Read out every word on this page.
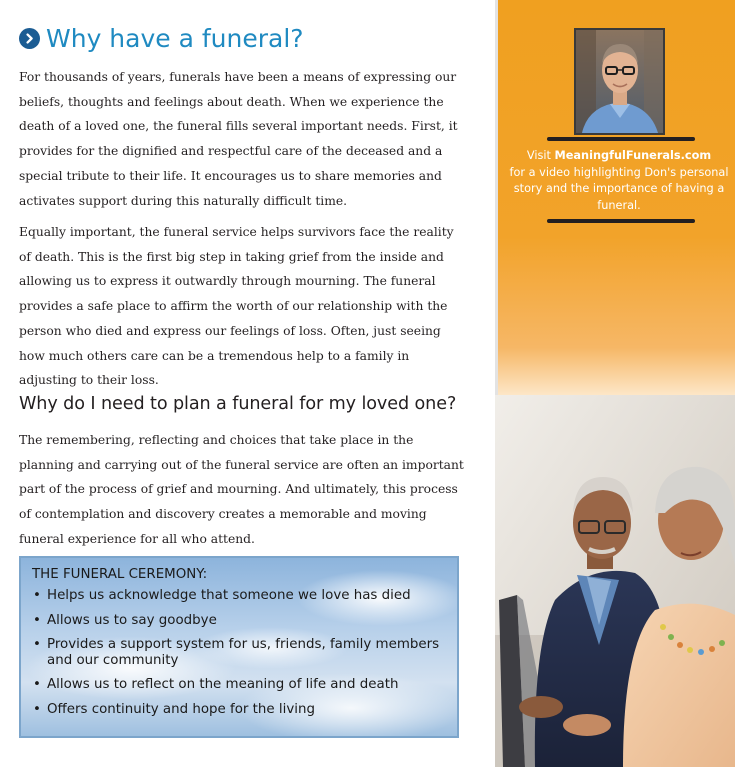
Why have a funeral?

For thousands of years, funerals have been a means of expressing our beliefs, thoughts and feelings about death. When we experience the death of a loved one, the funeral fills several important needs. First, it provides for the dignified and respectful care of the deceased and a special tribute to their life. It encourages us to share memories and activates support during this naturally difficult time.

Equally important, the funeral service helps survivors face the reality of death. This is the first big step in taking grief from the inside and allowing us to express it outwardly through mourning. The funeral provides a safe place to affirm the worth of our relationship with the person who died and express our feelings of loss. Often, just seeing how much others care can be a tremendous help to a family in adjusting to their loss.

Why do I need to plan a funeral for my loved one?

The remembering, reflecting and choices that take place in the planning and carrying out of the funeral service are often an important part of the process of grief and mourning. And ultimately, this process of contemplation and discovery creates a memorable and moving funeral experience for all who attend.

THE FUNERAL CEREMONY:
• Helps us acknowledge that someone we love has died
• Allows us to say goodbye
• Provides a support system for us, friends, family members and our community
• Allows us to reflect on the meaning of life and death
• Offers continuity and hope for the living
Visit MeaningfulFunerals.com
for a video highlighting Don's personal story and the importance of having a funeral.
